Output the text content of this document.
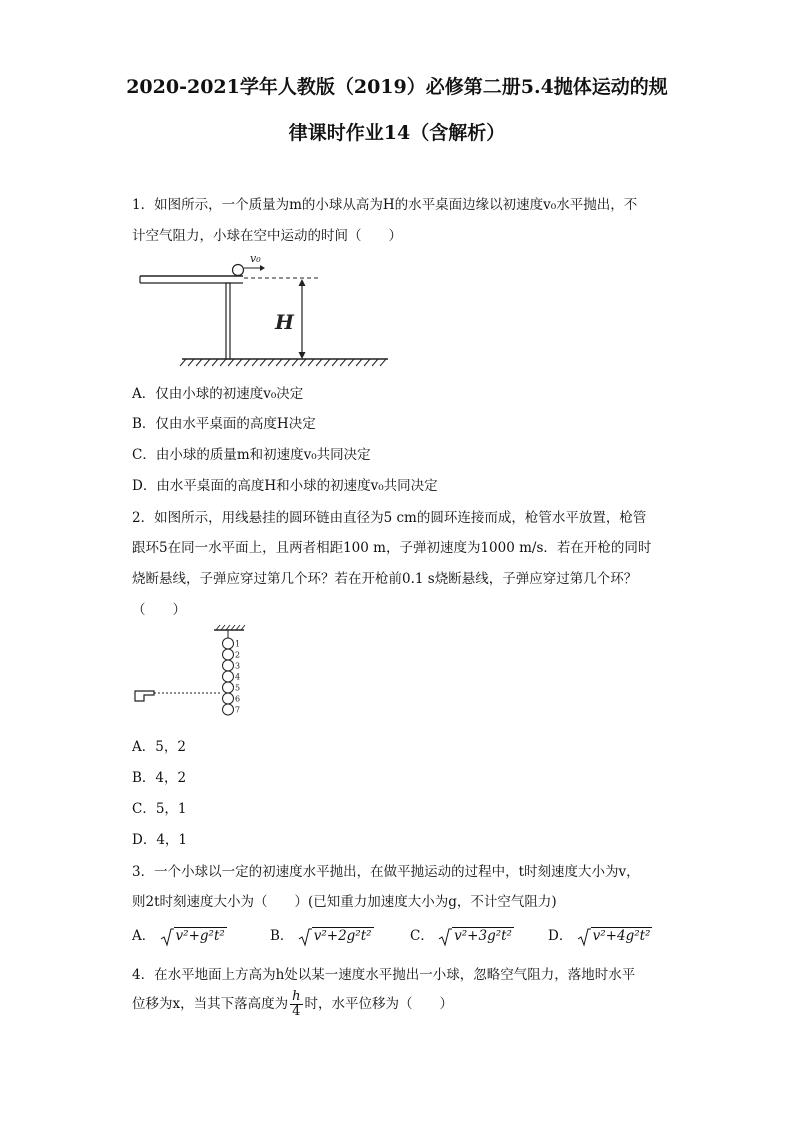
2020-2021学年人教版（2019）必修第二册5.4抛体运动的规
律课时作业14（含解析）
1．如图所示，一个质量为m的小球从高为H的水平桌面边缘以初速度v₀水平抛出，不
计空气阻力，小球在空中运动的时间（　　）
v₀
H
A．仅由小球的初速度v₀决定
B．仅由水平桌面的高度H决定
C．由小球的质量m和初速度v₀共同决定
D．由水平桌面的高度H和小球的初速度v₀共同决定
2．如图所示，用线悬挂的圆环链由直径为5 cm的圆环连接而成，枪管水平放置，枪管
跟环5在同一水平面上，且两者相距100 m，子弹初速度为1000 m/s．若在开枪的同时
烧断悬线，子弹应穿过第几个环？若在开枪前0.1 s烧断悬线，子弹应穿过第几个环？
（　　）
1
2
3
4
5
6
7
A．5，2
B．4，2
C．5，1
D．4，1
3．一个小球以一定的初速度水平抛出，在做平抛运动的过程中，t时刻速度大小为v，
则2t时刻速度大小为（　　）(已知重力加速度大小为g，不计空气阻力)
A． v²+g²t²	B． v²+2g²t²	C． v²+3g²t²	D． v²+4g²t²
4．在水平地面上方高为h处以某一速度水平抛出一小球，忽略空气阻力，落地时水平
位移为x，当其下落高度为 $\frac{h}{4}$ 时，水平位移为（　　）
